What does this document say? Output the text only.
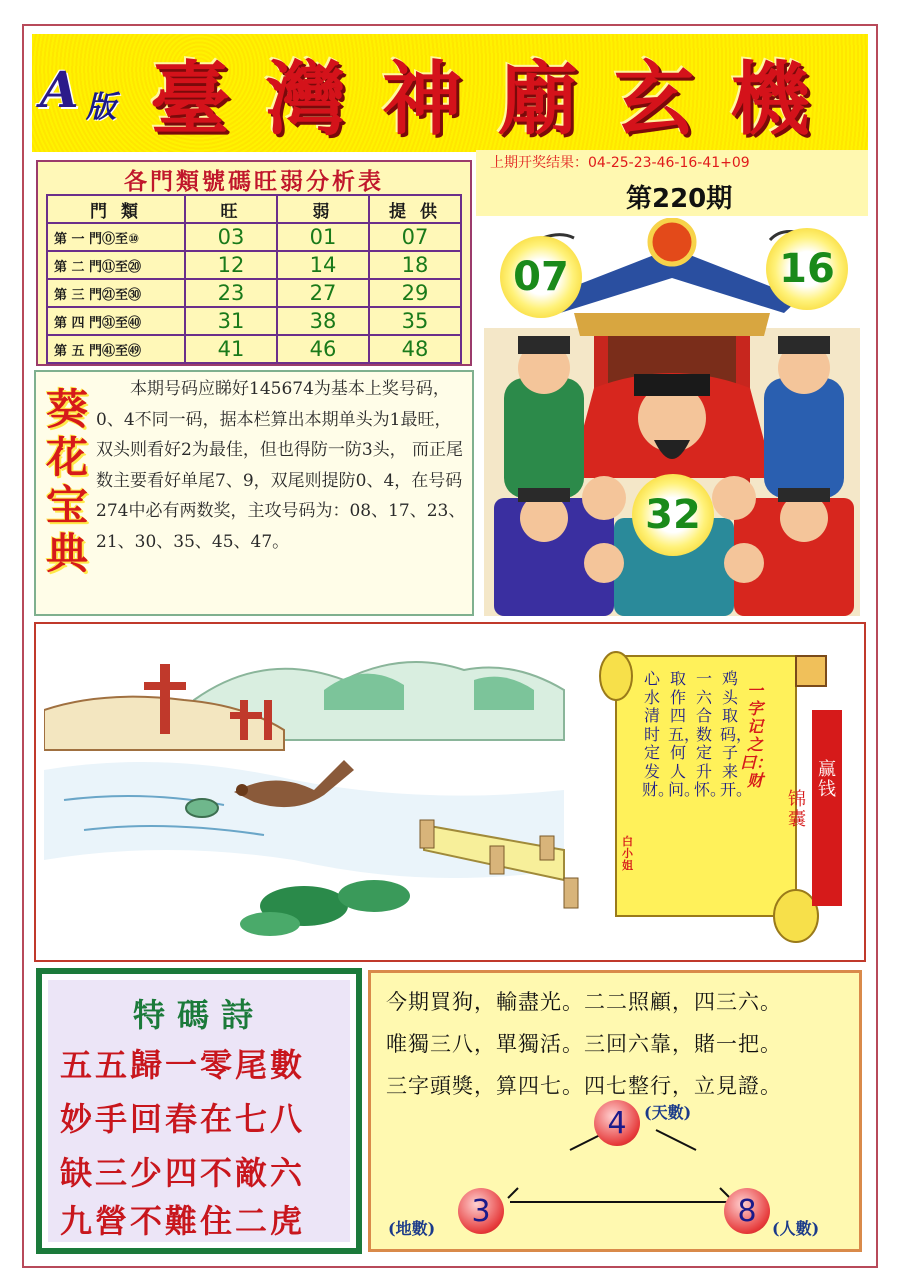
A 版 臺 灣 神 廟 玄 機
上期开奖结果：04-25-23-46-16-41+09
第220期
各門類號碼旺弱分析表
門 類	旺	弱	提 供
第 一 門⓪至⑩	03	01	07
第 二 門⑪至⑳	12	14	18
第 三 門㉑至㉚	23	27	29
第 四 門㉛至㊵	31	38	35
第 五 門㊶至㊾	41	46	48
葵
花
宝
典
本期号码应睇好145674为基本上奖号码，0、4不同一码，据本栏算出本期单头为1最旺，双头则看好2为最佳，但也得防一防3头， 而正尾数主要看好单尾7、9，双尾则提防0、4，在号码274中必有两数奖，主攻号码为：08、17、23、21、30、35、45、47。
07	16
32
赢钱
锦囊
一字记之曰：财
鸡头取码，子来开。
一六合数定升怀。
取作四五，何人问。
心水清时定发财。
白小姐
特碼詩
五五歸一零尾數
妙手回春在七八
缺三少四不敵六
九營不難住二虎
今期買狗，輸盡光。二二照顧，四三六。
唯獨三八，單獨活。三回六靠，賭一把。
三字頭獎，算四七。四七整行，立見證。
4	(天數)
3
(地數)	8 (人數)
